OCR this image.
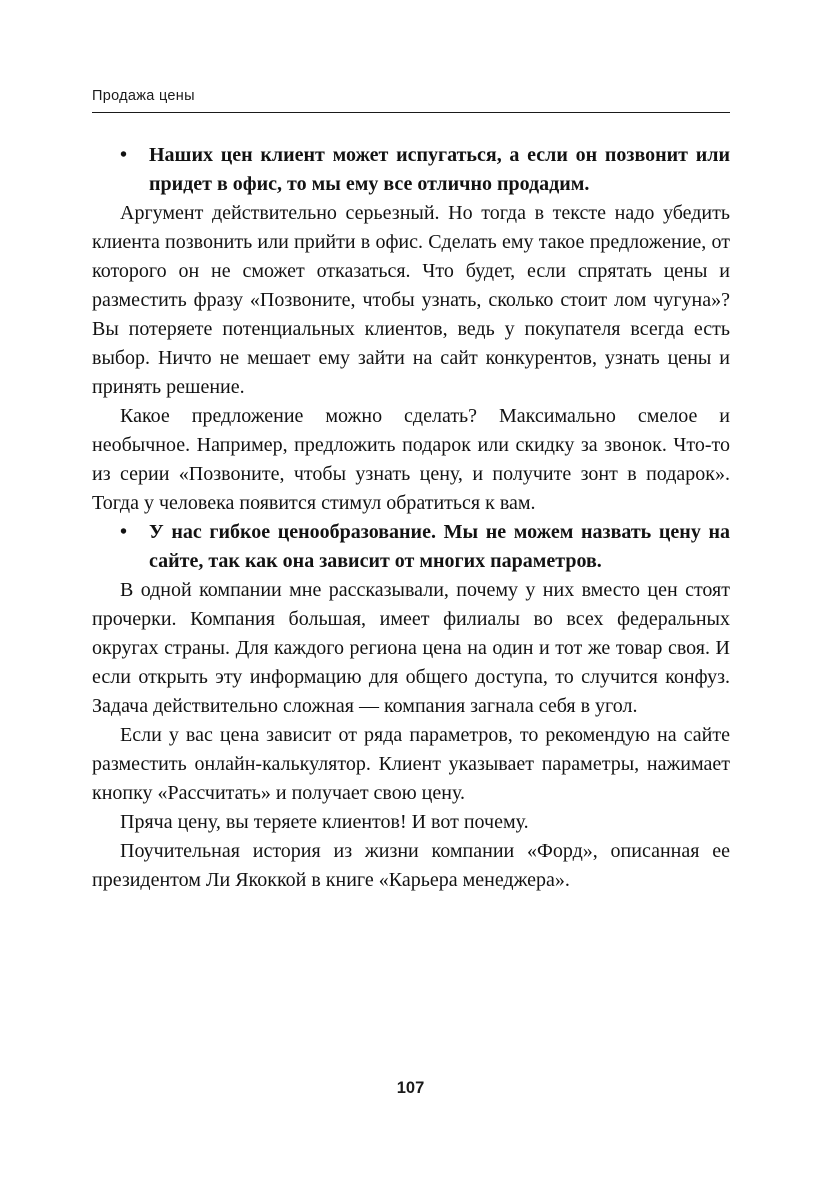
Продажа цены
• Наших цен клиент может испугаться, а если он позвонит или придет в офис, то мы ему все отлично продадим.

Аргумент действительно серьезный. Но тогда в тексте надо убедить клиента позвонить или прийти в офис. Сделать ему такое предложение, от которого он не сможет отказаться. Что будет, если спрятать цены и разместить фразу «Позвоните, чтобы узнать, сколько стоит лом чугуна»? Вы потеряете потенциальных клиентов, ведь у покупателя всегда есть выбор. Ничто не мешает ему зайти на сайт конкурентов, узнать цены и принять решение.

Какое предложение можно сделать? Максимально смелое и необычное. Например, предложить подарок или скидку за звонок. Что-то из серии «Позвоните, чтобы узнать цену, и получите зонт в подарок». Тогда у человека появится стимул обратиться к вам.

• У нас гибкое ценообразование. Мы не можем назвать цену на сайте, так как она зависит от многих параметров.

В одной компании мне рассказывали, почему у них вместо цен стоят прочерки. Компания большая, имеет филиалы во всех федеральных округах страны. Для каждого региона цена на один и тот же товар своя. И если открыть эту информацию для общего доступа, то случится конфуз. Задача действительно сложная — компания загнала себя в угол.

Если у вас цена зависит от ряда параметров, то рекомендую на сайте разместить онлайн-калькулятор. Клиент указывает параметры, нажимает кнопку «Рассчитать» и получает свою цену.

Пряча цену, вы теряете клиентов! И вот почему.

Поучительная история из жизни компании «Форд», описанная ее президентом Ли Якоккой в книге «Карьера менеджера».

107
